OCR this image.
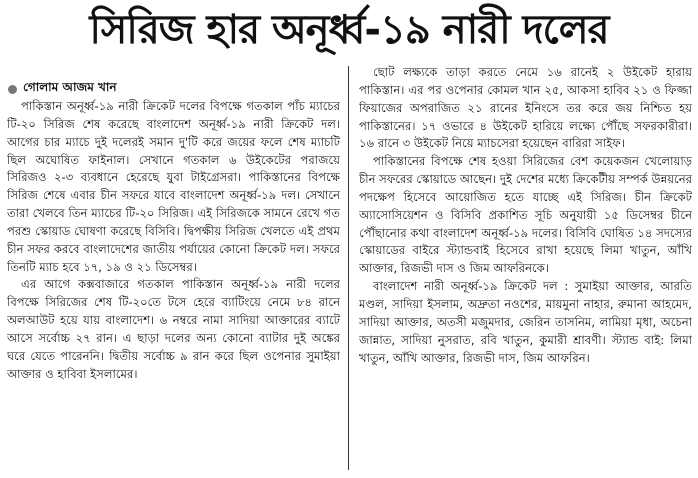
সিরিজ হার অনূর্ধ্ব-১৯ নারী দলের
গোলাম আজম খান

পাকিস্তান অনূর্ধ্ব-১৯ নারী ক্রিকেট দলের বিপক্ষে গতকাল পাঁচ ম্যাচের টি-২০ সিরিজ শেষ করেছে বাংলাদেশ অনূর্ধ্ব-১৯ নারী ক্রিকেট দল। আগের চার ম্যাচে দুই দলেরই সমান দু'টি করে জয়ের ফলে শেষ ম্যাচটি ছিল অঘোষিত ফাইনাল। সেখানে গতকাল ৬ উইকেটের পরাজয়ে সিরিজও ২-৩ ব্যবধানে হেরেছে যুবা টাইগ্রেসরা। পাকিস্তানের বিপক্ষে সিরিজ শেষে এবার চীন সফরে যাবে বাংলাদেশ অনূর্ধ্ব-১৯ দল। সেখানে তারা খেলবে তিন ম্যাচের টি-২০ সিরিজ। এই সিরিজকে সামনে রেখে গত পরশু স্কোয়াড ঘোষণা করেছে বিসিবি। দ্বিপক্ষীয় সিরিজ খেলতে এই প্রথম চীন সফর করবে বাংলাদেশের জাতীয় পর্যায়ের কোনো ক্রিকেট দল। সফরে তিনটি ম্যাচ হবে ১৭, ১৯ ও ২১ ডিসেম্বর।

এর আগে কক্সবাজারে গতকাল পাকিস্তান অনূর্ধ্ব-১৯ নারী দলের বিপক্ষে সিরিজের শেষ টি-২০তে টসে হেরে ব্যাটিংয়ে নেমে ৮৪ রানে অলআউট হয়ে যায় বাংলাদেশ। ৬ নম্বরে নামা সাদিয়া আক্তারের ব্যাটে আসে সর্বোচ্চ ২৭ রান। এ ছাড়া দলের অন্য কোনো ব্যাটার দুই অঙ্কের ঘরে যেতে পারেননি। দ্বিতীয় সর্বোচ্চ ৯ রান করে ছিল ওপেনার সুমাইয়া আক্তার ও হাবিবা ইসলামের।

ছোট লক্ষ্যকে তাড়া করতে নেমে ১৬ রানেই ২ উইকেট হারায় পাকিস্তান। এর পর ওপেনার কোমল খান ২৫, আকসা হাবিব ২১ ও ফিজ্জা ফিয়াজের অপরাজিত ২১ রানের ইনিংসে তর করে জয় নিশ্চিত হয় পাকিস্তানের। ১৭ ওভারে ৪ উইকেট হারিয়ে লক্ষ্যে পৌঁছে সফরকারীরা। ১৬ রানে ৩ উইকেট নিয়ে ম্যাচসেরা হয়েছেন বারিরা সাইফ।

পাকিস্তানের বিপক্ষে শেষ হওয়া সিরিজের বেশ কয়েকজন খেলোয়াড় চীন সফরের স্কোয়াডে আছেন। দুই দেশের মধ্যে ক্রিকেটীয় সম্পর্ক উন্নয়নের পদক্ষেপ হিসেবে আয়োজিত হতে যাচ্ছে এই সিরিজ। চীন ক্রিকেট অ্যাসোসিয়েশন ও বিসিবি প্রকাশিত সূচি অনুযায়ী ১৫ ডিসেম্বর চীনে পৌঁছানোর কথা বাংলাদেশ অনূর্ধ্ব-১৯ দলের। বিসিবি ঘোষিত ১৪ সদস্যের স্কোয়াডের বাইরে স্ট্যান্ডবাই হিসেবে রাখা হয়েছে লিমা খাতুন, আঁখি আক্তার, রিজভী দাস ও জিম আফরিনকে।

বাংলাদেশ নারী অনূর্ধ্ব-১৯ ক্রিকেট দল : সুমাইয়া আক্তার, আরতি মণ্ডল, সাদিয়া ইসলাম, অদ্রুতা নওশের, মায়মুনা নাহার, রুমানা আহমেদ, সাদিয়া আক্তার, অতসী মজুমদার, জেরিন তাসনিম, লামিয়া মৃধা, অচেনা জান্নাত, সাদিয়া নুসরাত, রবি খাতুন, কুমারী শ্রাবণী। স্ট্যান্ড বাই: লিমা খাতুন, আঁখি আক্তার, রিজভী দাস, জিম আফরিন।
